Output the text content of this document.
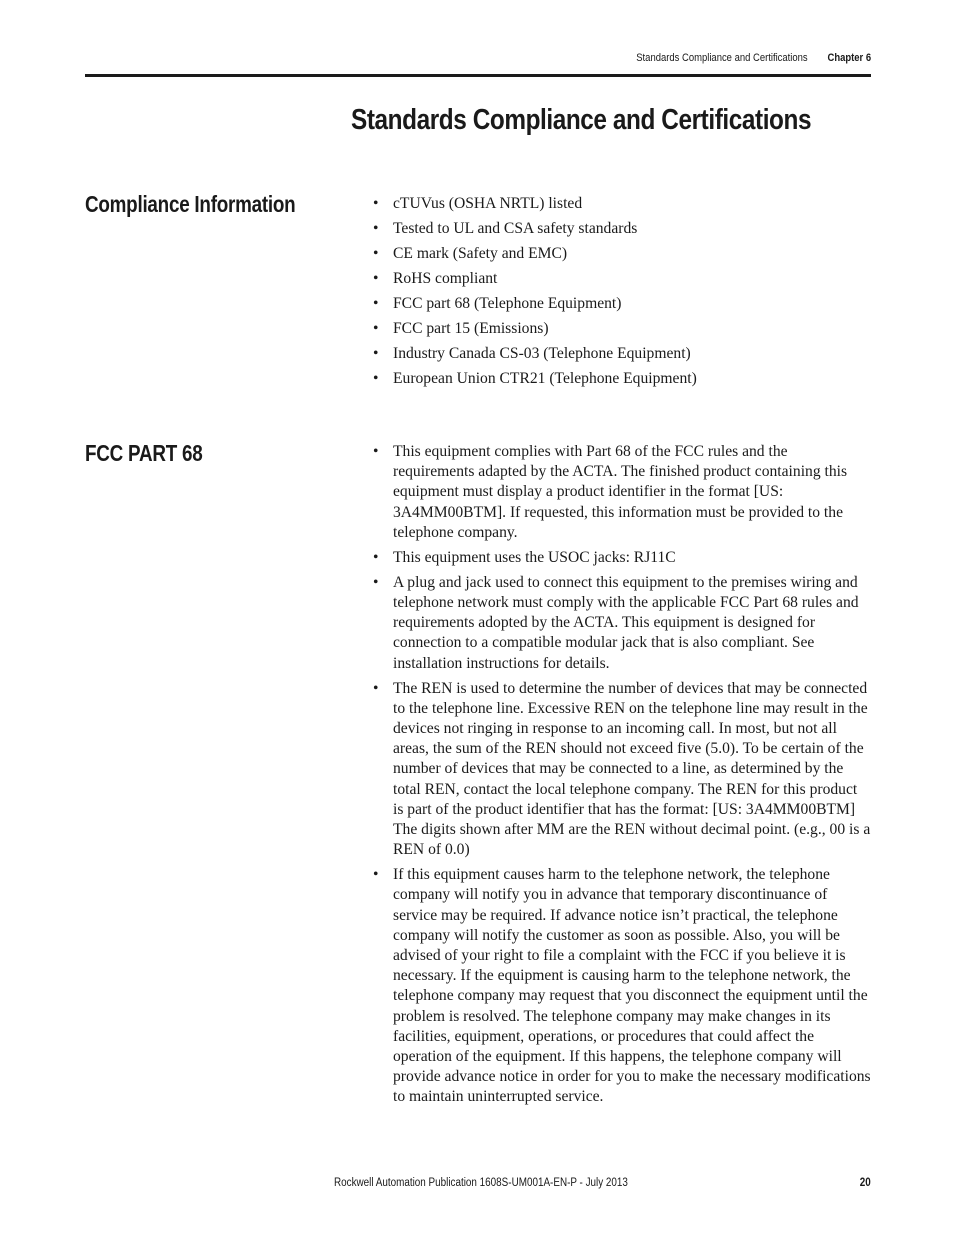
Standards Compliance and Certifications Chapter 6
Standards Compliance and Certifications
Compliance Information	• cTUVus (OSHA NRTL) listed
• Tested to UL and CSA safety standards
• CE mark (Safety and EMC)
• RoHS compliant
• FCC part 68 (Telephone Equipment)
• FCC part 15 (Emissions)
• Industry Canada CS-03 (Telephone Equipment)
• European Union CTR21 (Telephone Equipment)
FCC PART 68	• This equipment complies with Part 68 of the FCC rules and the requirements adapted by the ACTA. The finished product containing this equipment must display a product identifier in the format [US: 3A4MM00BTM]. If requested, this information must be provided to the telephone company.
• This equipment uses the USOC jacks: RJ11C
• A plug and jack used to connect this equipment to the premises wiring and telephone network must comply with the applicable FCC Part 68 rules and requirements adopted by the ACTA. This equipment is designed for connection to a compatible modular jack that is also compliant. See installation instructions for details.
• The REN is used to determine the number of devices that may be connected to the telephone line. Excessive REN on the telephone line may result in the devices not ringing in response to an incoming call. In most, but not all areas, the sum of the REN should not exceed five (5.0). To be certain of the number of devices that may be connected to a line, as determined by the total REN, contact the local telephone company. The REN for this product is part of the product identifier that has the format: [US: 3A4MM00BTM] The digits shown after MM are the REN without decimal point. (e.g., 00 is a REN of 0.0)
• If this equipment causes harm to the telephone network, the telephone company will notify you in advance that temporary discontinuance of service may be required. If advance notice isn’t practical, the telephone company will notify the customer as soon as possible. Also, you will be advised of your right to file a complaint with the FCC if you believe it is necessary. If the equipment is causing harm to the telephone network, the telephone company may request that you disconnect the equipment until the problem is resolved. The telephone company may make changes in its facilities, equipment, operations, or procedures that could affect the operation of the equipment. If this happens, the telephone company will provide advance notice in order for you to make the necessary modifications to maintain uninterrupted service.
Rockwell Automation Publication 1608S-UM001A-EN-P - July 2013	20
